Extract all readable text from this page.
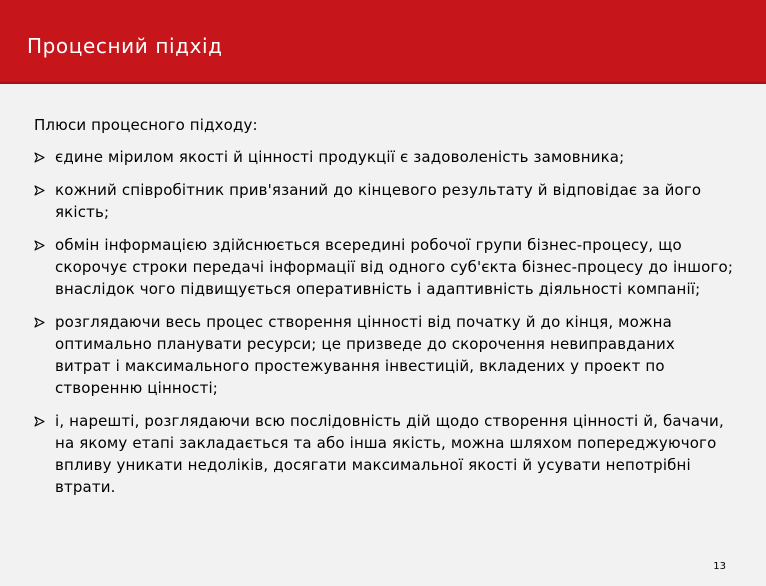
Процесний підхід

Плюси процесного підходу:

єдине мірилом якості й цінності продукції є задоволеність замовника;
кожний співробітник прив'язаний до кінцевого результату й відповідає за його якість;
обмін інформацією здійснюється всередині робочої групи бізнес-процесу, що скорочує строки передачі інформації від одного суб'єкта бізнес-процесу до іншого; внаслідок чого підвищується оперативність і адаптивність діяльності компанії;
розглядаючи весь процес створення цінності від початку й до кінця, можна оптимально планувати ресурси; це призведе до скорочення невиправданих витрат і максимального простежування інвестицій, вкладених у проект по створенню цінності;
і, нарешті, розглядаючи всю послідовність дій щодо створення цінності й, бачачи, на якому етапі закладається та або інша якість, можна шляхом попереджуючого впливу уникати недоліків, досягати максимальної якості й усувати непотрібні втрати.
13
